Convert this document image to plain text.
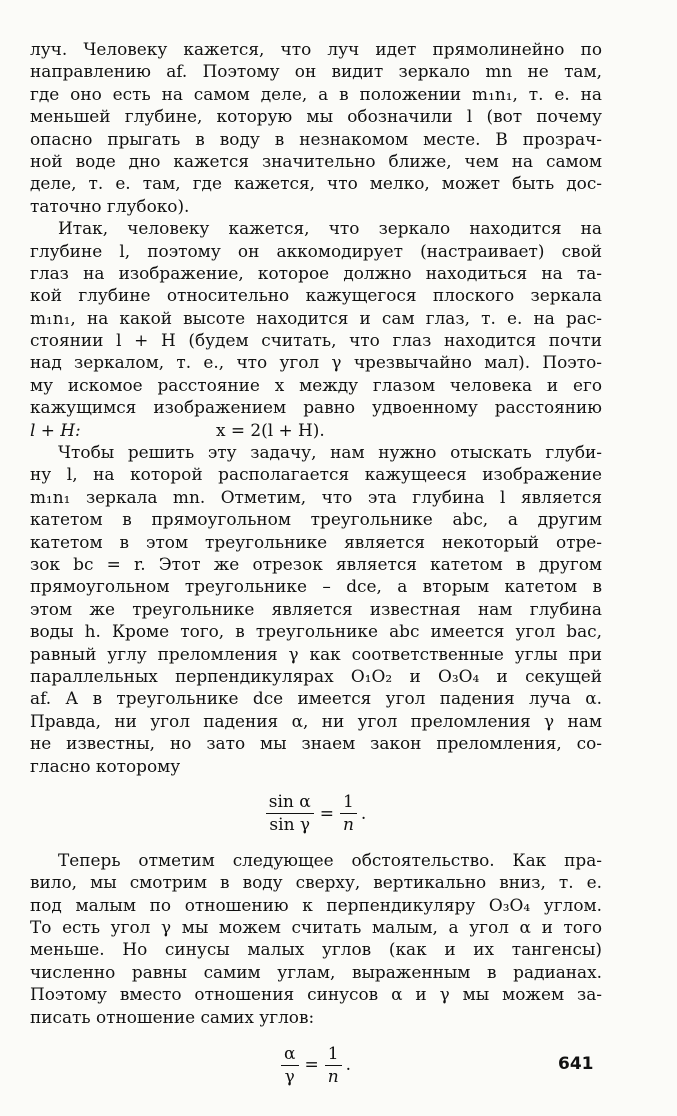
луч. Человеку кажется, что луч идет прямолинейно по
направлению af. Поэтому он видит зеркало mn не там,
где оно есть на самом деле, а в положении m₁n₁, т. е. на
меньшей глубине, которую мы обозначили l (вот почему
опасно прыгать в воду в незнакомом месте. В прозрач-
ной воде дно кажется значительно ближе, чем на самом
деле, т. е. там, где кажется, что мелко, может быть дос-
таточно глубоко).

Итак, человеку кажется, что зеркало находится на
глубине l, поэтому он аккомодирует (настраивает) свой
глаз на изображение, которое должно находиться на та-
кой глубине относительно кажущегося плоского зеркала
m₁n₁, на какой высоте находится и сам глаз, т. е. на рас-
стоянии l + H (будем считать, что глаз находится почти
над зеркалом, т. е., что угол γ чрезвычайно мал). Поэто-
му искомое расстояние x между глазом человека и его
кажущимся изображением равно удвоенному расстоянию
l + H:	x = 2(l + H).

Чтобы решить эту задачу, нам нужно отыскать глуби-
ну l, на которой располагается кажущееся изображение
m₁n₁ зеркала mn. Отметим, что эта глубина l является
катетом в прямоугольном треугольнике abc, а другим
катетом в этом треугольнике является некоторый отре-
зок bc = r. Этот же отрезок является катетом в другом
прямоугольном треугольнике – dce, а вторым катетом в
этом же треугольнике является известная нам глубина
воды h. Кроме того, в треугольнике abc имеется угол bac,
равный углу преломления γ как соответственные углы при
параллельных перпендикулярах O₁O₂ и O₃O₄ и секущей
af. А в треугольнике dce имеется угол падения луча α.
Правда, ни угол падения α, ни угол преломления γ нам
не известны, но зато мы знаем закон преломления, со-
гласно которому

$\frac{\text{sin α}}{\text{sin γ}} = \frac{1}{n}$ .

Теперь отметим следующее обстоятельство. Как пра-
вило, мы смотрим в воду сверху, вертикально вниз, т. е.
под малым по отношению к перпендикуляру O₃O₄ углом.
То есть угол γ мы можем считать малым, а угол α и того
меньше. Но синусы малых углов (как и их тангенсы)
численно равны самим углам, выраженным в радианах.
Поэтому вместо отношения синусов α и γ мы можем за-
писать отношение самих углов:

$\frac{\alpha}{\gamma} = \frac{1}{n}$ .	641
